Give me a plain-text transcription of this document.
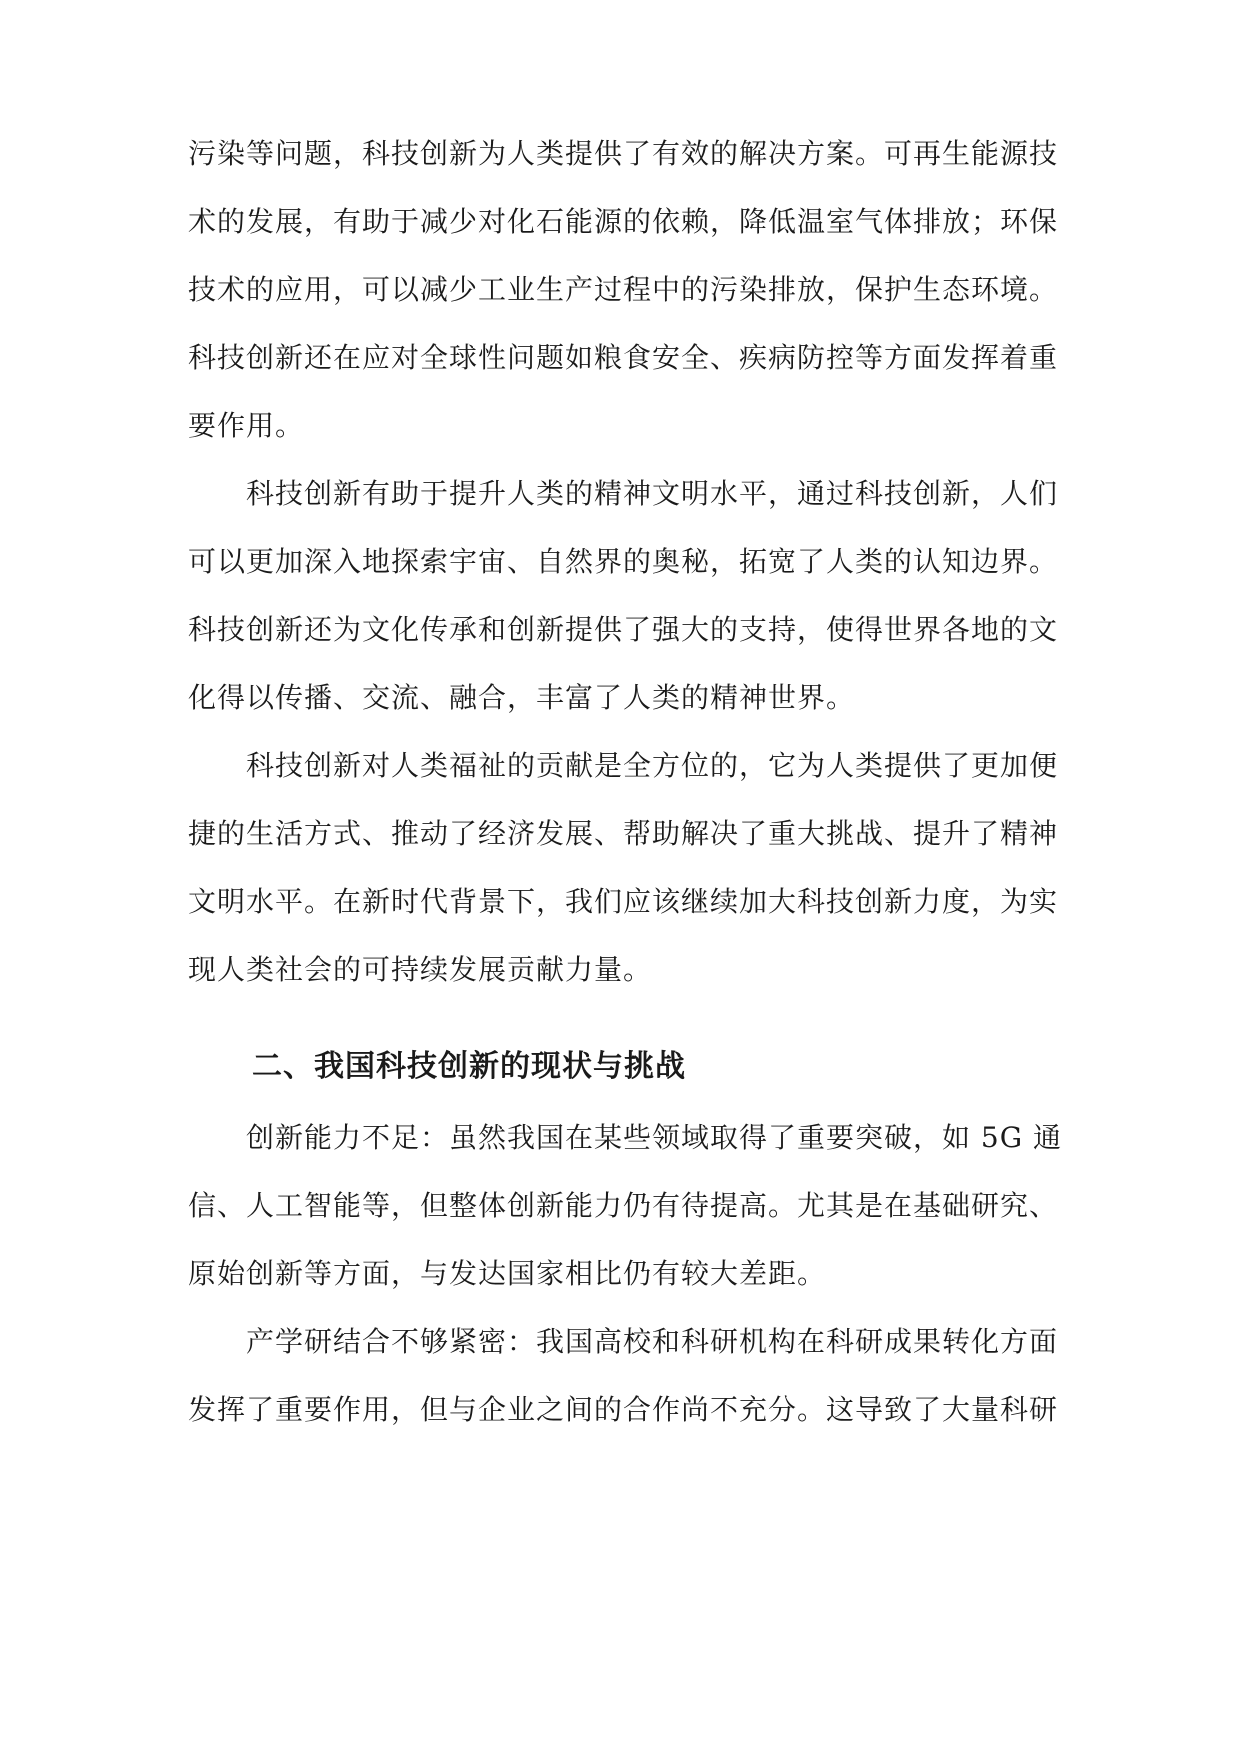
污染等问题，科技创新为人类提供了有效的解决方案。可再生能源技
术的发展，有助于减少对化石能源的依赖，降低温室气体排放；环保
技术的应用，可以减少工业生产过程中的污染排放，保护生态环境。
科技创新还在应对全球性问题如粮食安全、疾病防控等方面发挥着重
要作用。
科技创新有助于提升人类的精神文明水平，通过科技创新，人们
可以更加深入地探索宇宙、自然界的奥秘，拓宽了人类的认知边界。
科技创新还为文化传承和创新提供了强大的支持，使得世界各地的文
化得以传播、交流、融合，丰富了人类的精神世界。
科技创新对人类福祉的贡献是全方位的，它为人类提供了更加便
捷的生活方式、推动了经济发展、帮助解决了重大挑战、提升了精神
文明水平。在新时代背景下，我们应该继续加大科技创新力度，为实
现人类社会的可持续发展贡献力量。
二、我国科技创新的现状与挑战
创新能力不足：虽然我国在某些领域取得了重要突破，如 5G 通
信、人工智能等，但整体创新能力仍有待提高。尤其是在基础研究、
原始创新等方面，与发达国家相比仍有较大差距。
产学研结合不够紧密：我国高校和科研机构在科研成果转化方面
发挥了重要作用，但与企业之间的合作尚不充分。这导致了大量科研
